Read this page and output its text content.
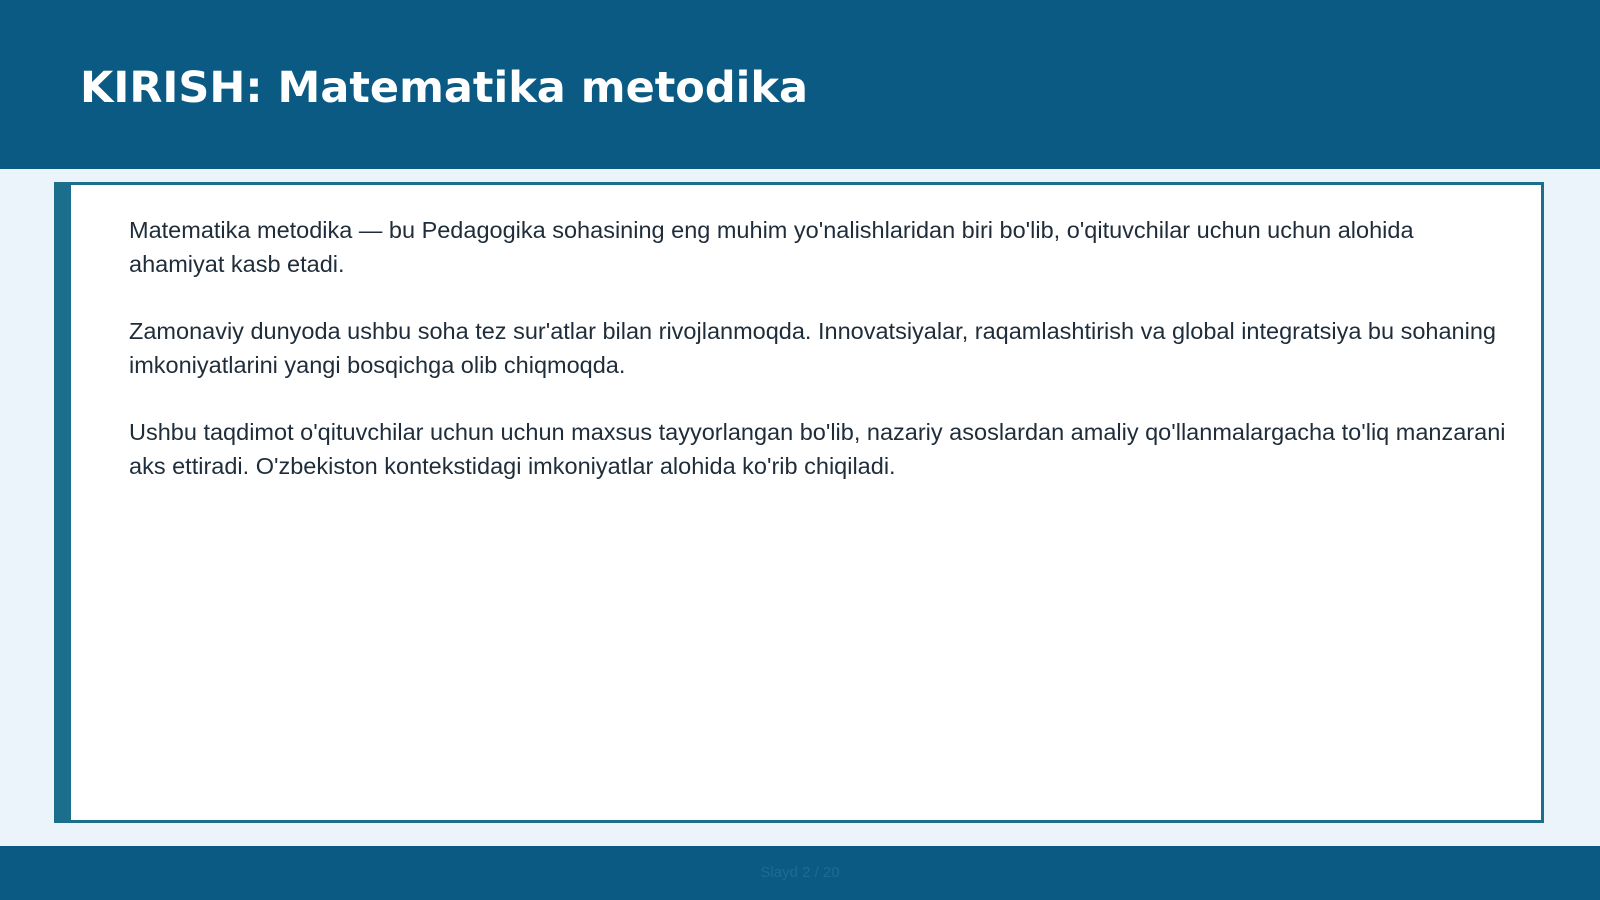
KIRISH: Matematika metodika

Matematika metodika — bu Pedagogika sohasining eng muhim yo'nalishlaridan biri bo'lib, o'qituvchilar uchun uchun alohida ahamiyat kasb etadi.

Zamonaviy dunyoda ushbu soha tez sur'atlar bilan rivojlanmoqda. Innovatsiyalar, raqamlashtirish va global integratsiya bu sohaning imkoniyatlarini yangi bosqichga olib chiqmoqda.

Ushbu taqdimot o'qituvchilar uchun uchun maxsus tayyorlangan bo'lib, nazariy asoslardan amaliy qo'llanmalargacha to'liq manzarani aks ettiradi. O'zbekiston kontekstidagi imkoniyatlar alohida ko'rib chiqiladi.

Slayd 2 / 20
